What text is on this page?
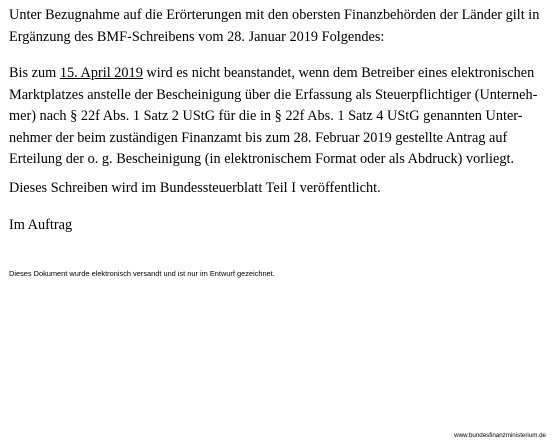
Unter Bezugnahme auf die Erörterungen mit den obersten Finanzbehörden der Länder gilt in
Ergänzung des BMF-Schreibens vom 28. Januar 2019 Folgendes:

Bis zum 15. April 2019 wird es nicht beanstandet, wenn dem Betreiber eines elektronischen
Marktplatzes anstelle der Bescheinigung über die Erfassung als Steuerpflichtiger (Unterneh-
mer) nach § 22f Abs. 1 Satz 2 UStG für die in § 22f Abs. 1 Satz 4 UStG genannten Unter-
nehmer der beim zuständigen Finanzamt bis zum 28. Februar 2019 gestellte Antrag auf
Erteilung der o. g. Bescheinigung (in elektronischem Format oder als Abdruck) vorliegt.

Dieses Schreiben wird im Bundessteuerblatt Teil I veröffentlicht.

Im Auftrag

Dieses Dokument wurde elektronisch versandt und ist nur im Entwurf gezeichnet.
www.bundesfinanzministerium.de
